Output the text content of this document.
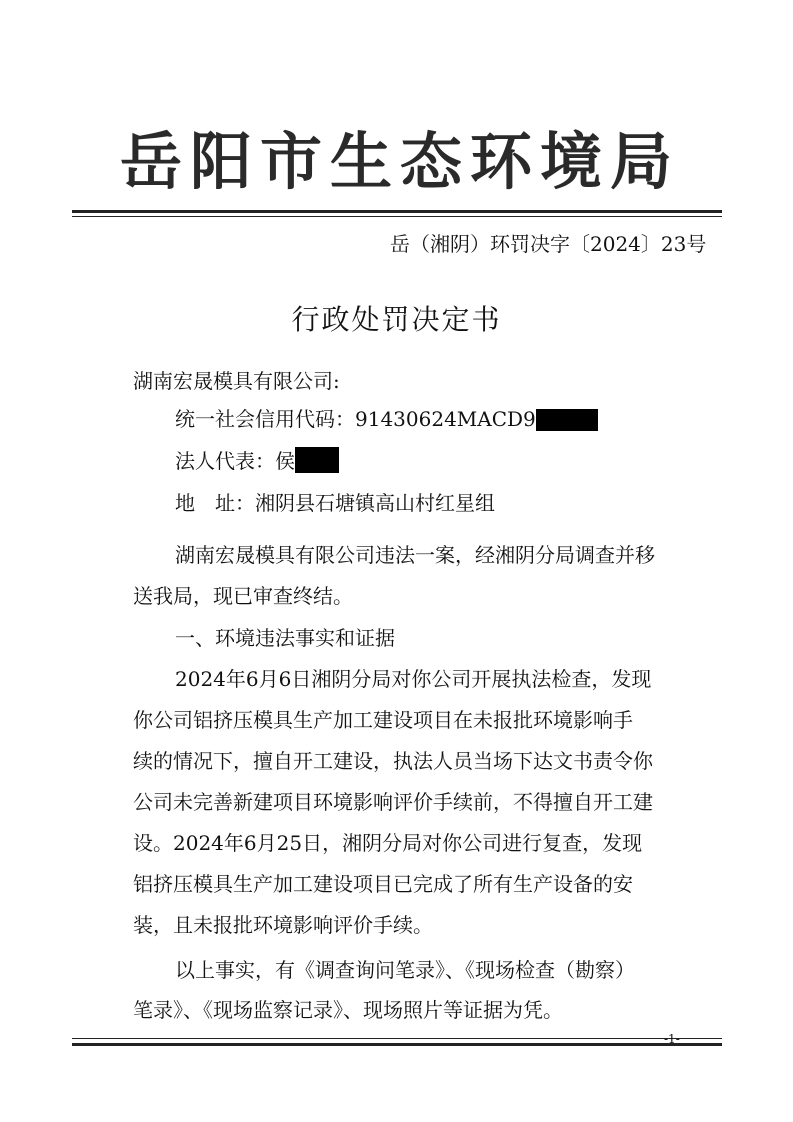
岳阳市生态环境局
岳（湘阴）环罚决字〔2024〕23号
行政处罚决定书
湖南宏晟模具有限公司:
统一社会信用代码：91430624MACD9
法人代表：侯
地　址：湘阴县石塘镇高山村红星组
湖南宏晟模具有限公司违法一案，经湘阴分局调查并移
送我局，现已审查终结。
一、环境违法事实和证据
2024年6月6日湘阴分局对你公司开展执法检查，发现
你公司铝挤压模具生产加工建设项目在未报批环境影响手
续的情况下，擅自开工建设，执法人员当场下达文书责令你
公司未完善新建项目环境影响评价手续前，不得擅自开工建
设。2024年6月25日，湘阴分局对你公司进行复查，发现
铝挤压模具生产加工建设项目已完成了所有生产设备的安
装，且未报批环境影响评价手续。
以上事实，有《调查询问笔录》、《现场检查（勘察）
笔录》、《现场监察记录》、现场照片等证据为凭。
-1-
